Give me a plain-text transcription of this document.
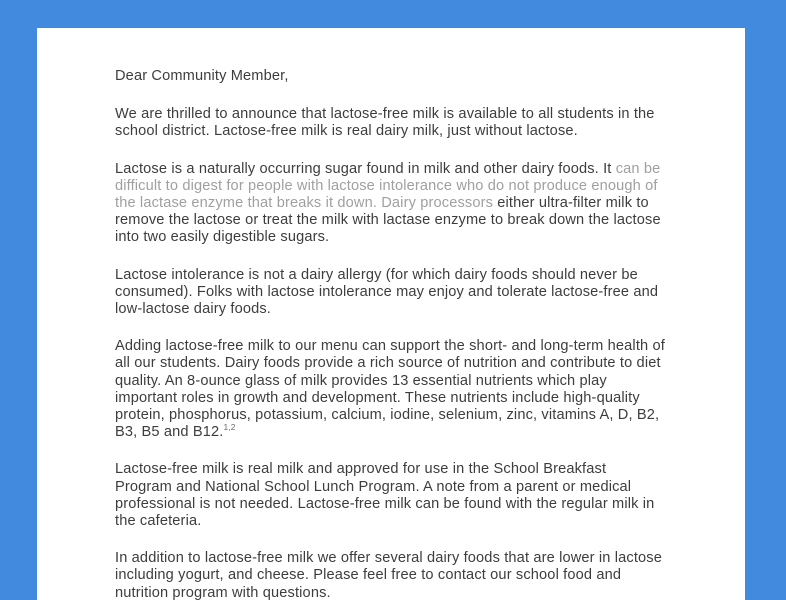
Dear Community Member,

We are thrilled to announce that lactose-free milk is available to all students in the school district. Lactose-free milk is real dairy milk, just without lactose.

Lactose is a naturally occurring sugar found in milk and other dairy foods. It can be difficult to digest for people with lactose intolerance who do not produce enough of the lactase enzyme that breaks it down. Dairy processors either ultra-filter milk to remove the lactose or treat the milk with lactase enzyme to break down the lactose into two easily digestible sugars.

Lactose intolerance is not a dairy allergy (for which dairy foods should never be consumed). Folks with lactose intolerance may enjoy and tolerate lactose-free and low-lactose dairy foods.

Adding lactose-free milk to our menu can support the short- and long-term health of all our students. Dairy foods provide a rich source of nutrition and contribute to diet quality. An 8-ounce glass of milk provides 13 essential nutrients which play important roles in growth and development. These nutrients include high-quality protein, phosphorus, potassium, calcium, iodine, selenium, zinc, vitamins A, D, B2, B3, B5 and B12.$^{1,2}$

Lactose-free milk is real milk and approved for use in the School Breakfast Program and National School Lunch Program. A note from a parent or medical professional is not needed. Lactose-free milk can be found with the regular milk in the cafeteria.

In addition to lactose-free milk we offer several dairy foods that are lower in lactose including yogurt, and cheese. Please feel free to contact our school food and nutrition program with questions.
